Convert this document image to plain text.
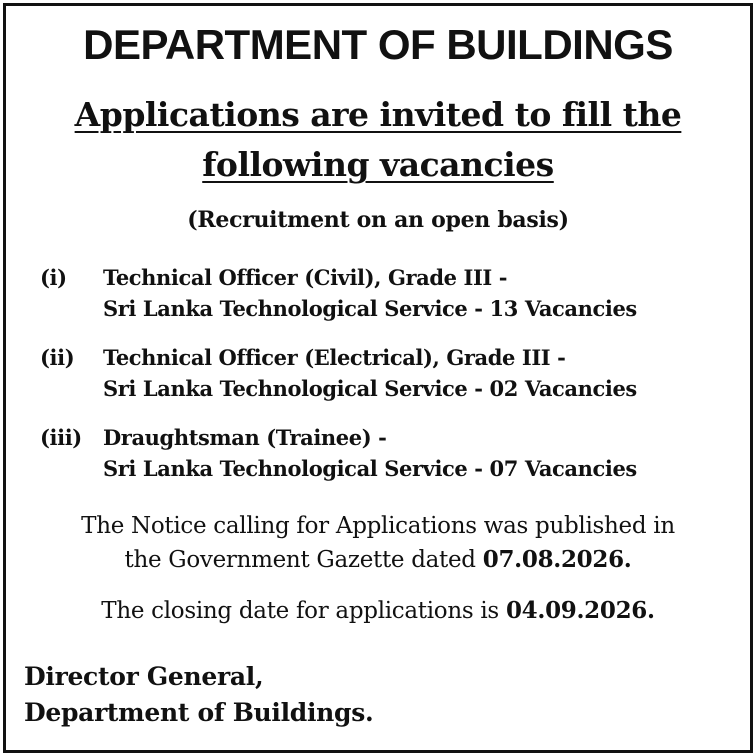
DEPARTMENT OF BUILDINGS
Applications are invited to fill the
following vacancies
(Recruitment on an open basis)
(i) Technical Officer (Civil), Grade III -
Sri Lanka Technological Service - 13 Vacancies
(ii) Technical Officer (Electrical), Grade III -
Sri Lanka Technological Service - 02 Vacancies
(iii) Draughtsman (Trainee) -
Sri Lanka Technological Service - 07 Vacancies
The Notice calling for Applications was published in
the Government Gazette dated 07.08.2026.
The closing date for applications is 04.09.2026.
Director General,
Department of Buildings.
